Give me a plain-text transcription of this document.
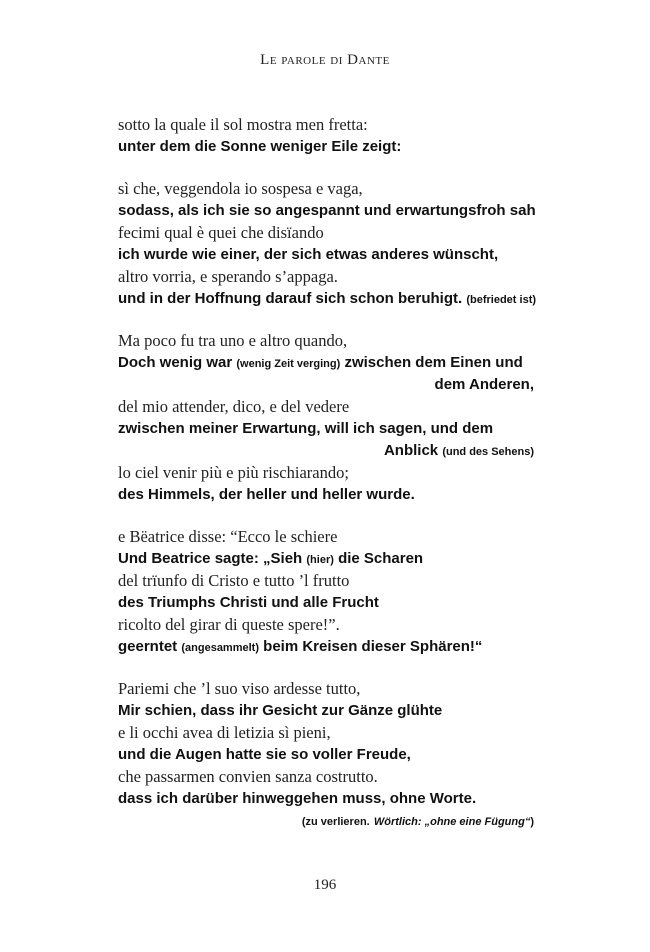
Le parole di Dante
sotto la quale il sol mostra men fretta:
unter dem die Sonne weniger Eile zeigt:
sì che, veggendola io sospesa e vaga,
sodass, als ich sie so angespannt und erwartungsfroh sah
fecimi qual è quei che disïando
ich wurde wie einer, der sich etwas anderes wünscht,
altro vorria, e sperando s’appaga.
und in der Hoffnung darauf sich schon beruhigt. (befriedet ist)
Ma poco fu tra uno e altro quando,
Doch wenig war (wenig Zeit verging) zwischen dem Einen und
dem Anderen,
del mio attender, dico, e del vedere
zwischen meiner Erwartung, will ich sagen, und dem
Anblick (und des Sehens)
lo ciel venir più e più rischiarando;
des Himmels, der heller und heller wurde.
e Bëatrice disse: “Ecco le schiere
Und Beatrice sagte: „Sieh (hier) die Scharen
del trïunfo di Cristo e tutto ’l frutto
des Triumphs Christi und alle Frucht
ricolto del girar di queste spere!”.
geerntet (angesammelt) beim Kreisen dieser Sphären!“
Pariemi che ’l suo viso ardesse tutto,
Mir schien, dass ihr Gesicht zur Gänze glühte
e li occhi avea di letizia sì pieni,
und die Augen hatte sie so voller Freude,
che passarmen convien sanza costrutto.
dass ich darüber hinweggehen muss, ohne Worte.
(zu verlieren. Wörtlich: „ohne eine Fügung“)
196
